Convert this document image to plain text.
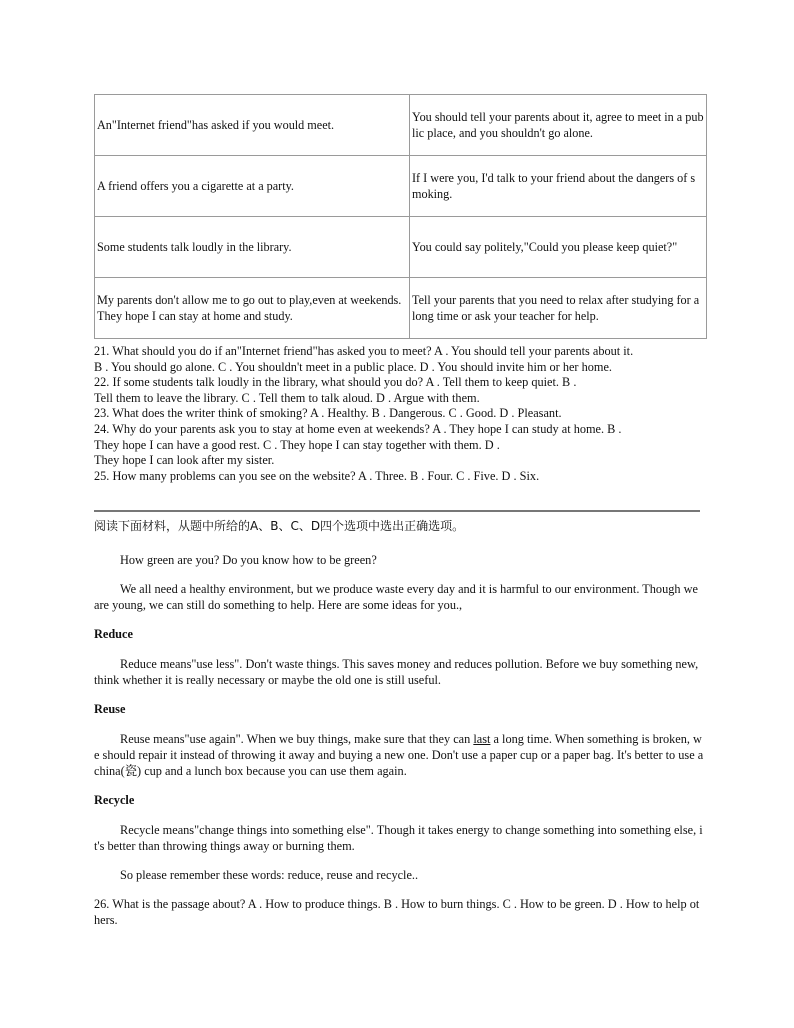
An"Internet friend"has asked if you would meet.	You should tell your parents about it, agree to meet in a public place, and you shouldn't go alone.
A friend offers you a cigarette at a party.	If I were you, I'd talk to your friend about the dangers of smoking.
Some students talk loudly in the library.	You could say politely,"Could you please keep quiet?"
My parents don't allow me to go out to play,even at weekends. They hope I can stay at home and study.	Tell your parents that you need to relax after studying for a long time or ask your teacher for help.
21. What should you do if an"Internet friend"has asked you to meet? A . You should tell your parents about it.
B . You should go alone. C . You shouldn't meet in a public place. D . You should invite him or her home.
22. If some students talk loudly in the library, what should you do? A . Tell them to keep quiet. B .
Tell them to leave the library. C . Tell them to talk aloud. D . Argue with them.
23. What does the writer think of smoking? A . Healthy. B . Dangerous. C . Good. D . Pleasant.
24. Why do your parents ask you to stay at home even at weekends? A . They hope I can study at home. B .
They hope I can have a good rest. C . They hope I can stay together with them. D .
They hope I can look after my sister.
25. How many problems can you see on the website? A . Three. B . Four. C . Five. D . Six.

阅读下面材料，从题中所给的A、B、C、D四个选项中选出正确选项。

How green are you? Do you know how to be green?

We all need a healthy environment, but we produce waste every day and it is harmful to our environment. Though we are young, we can still do something to help. Here are some ideas for you.,

Reduce

Reduce means"use less". Don't waste things. This saves money and reduces pollution. Before we buy something new, think whether it is really necessary or maybe the old one is still useful.

Reuse

Reuse means"use again". When we buy things, make sure that they can last a long time. When something is broken, we should repair it instead of throwing it away and buying a new one. Don't use a paper cup or a paper bag. It's better to use a china(瓷) cup and a lunch box because you can use them again.

Recycle

Recycle means"change things into something else". Though it takes energy to change something into something else, it's better than throwing things away or burning them.

So please remember these words: reduce, reuse and recycle..

26. What is the passage about? A . How to produce things. B . How to burn things. C . How to be green. D . How to help others.
